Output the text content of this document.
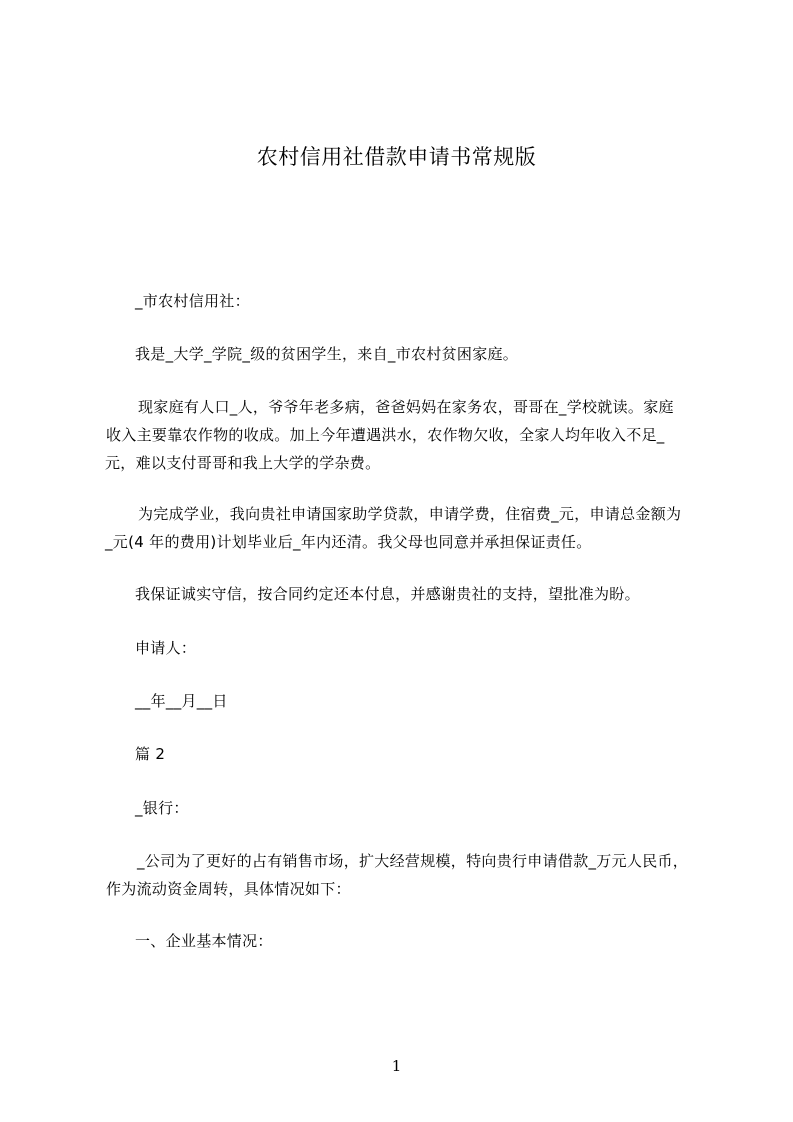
农村信用社借款申请书常规版
_市农村信用社：
我是_大学_学院_级的贫困学生，来自_市农村贫困家庭。
现家庭有人口_人，爷爷年老多病，爸爸妈妈在家务农，哥哥在_学校就读。家庭
收入主要靠农作物的收成。加上今年遭遇洪水，农作物欠收，全家人均年收入不足_
元，难以支付哥哥和我上大学的学杂费。
为完成学业，我向贵社申请国家助学贷款，申请学费，住宿费_元，申请总金额为
_元(4 年的费用)计划毕业后_年内还清。我父母也同意并承担保证责任。
我保证诚实守信，按合同约定还本付息，并感谢贵社的支持，望批准为盼。
申请人：
__年__月__日
篇 2
_银行：
_公司为了更好的占有销售市场，扩大经营规模，特向贵行申请借款_万元人民币，
作为流动资金周转，具体情况如下：
一、企业基本情况：
1
